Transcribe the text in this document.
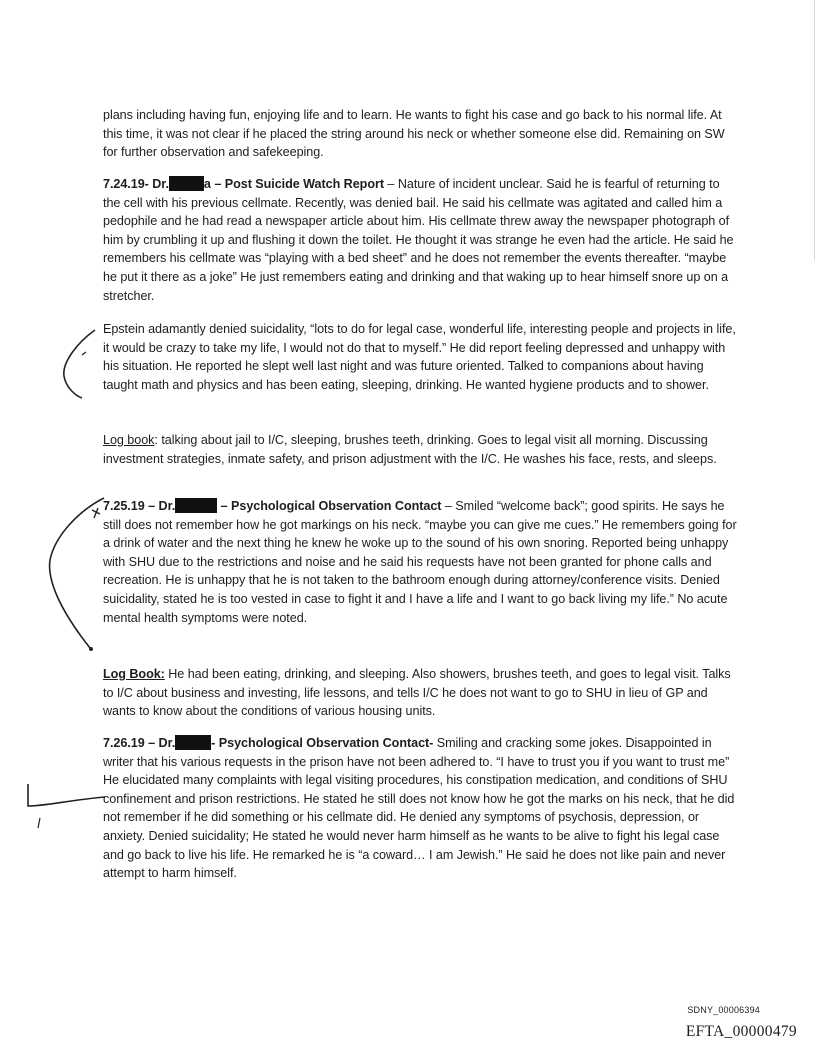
plans including having fun, enjoying life and to learn. He wants to fight his case and go back to his normal life. At this time, it was not clear if he placed the string around his neck or whether someone else did. Remaining on SW for further observation and safekeeping.

7.24.19- Dr.	a – Post Suicide Watch Report – Nature of incident unclear. Said he is fearful of returning to the cell with his previous cellmate. Recently, was denied bail. He said his cellmate was agitated and called him a pedophile and he had read a newspaper article about him. His cellmate threw away the newspaper photograph of him by crumbling it up and flushing it down the toilet. He thought it was strange he even had the article. He said he remembers his cellmate was “playing with a bed sheet” and he does not remember the events thereafter. “maybe he put it there as a joke” He just remembers eating and drinking and that waking up to hear himself snore up on a stretcher.

Epstein adamantly denied suicidality, “lots to do for legal case, wonderful life, interesting people and projects in life, it would be crazy to take my life, I would not do that to myself.” He did report feeling depressed and unhappy with his situation. He reported he slept well last night and was future oriented. Talked to companions about having taught math and physics and has been eating, sleeping, drinking. He wanted hygiene products and to shower.

Log book: talking about jail to I/C, sleeping, brushes teeth, drinking. Goes to legal visit all morning. Discussing investment strategies, inmate safety, and prison adjustment with the I/C. He washes his face, rests, and sleeps.

7.25.19 – Dr.	– Psychological Observation Contact – Smiled “welcome back”; good spirits. He says he still does not remember how he got markings on his neck. “maybe you can give me cues.” He remembers going for a drink of water and the next thing he knew he woke up to the sound of his own snoring. Reported being unhappy with SHU due to the restrictions and noise and he said his requests have not been granted for phone calls and recreation. He is unhappy that he is not taken to the bathroom enough during attorney/conference visits. Denied suicidality, stated he is too vested in case to fight it and I have a life and I want to go back living my life.” No acute mental health symptoms were noted.

Log Book: He had been eating, drinking, and sleeping. Also showers, brushes teeth, and goes to legal visit. Talks to I/C about business and investing, life lessons, and tells I/C he does not want to go to SHU in lieu of GP and wants to know about the conditions of various housing units.

7.26.19 – Dr.	- Psychological Observation Contact- Smiling and cracking some jokes. Disappointed in writer that his various requests in the prison have not been adhered to. “I have to trust you if you want to trust me” He elucidated many complaints with legal visiting procedures, his constipation medication, and conditions of SHU confinement and prison restrictions. He stated he still does not know how he got the marks on his neck, that he did not remember if he did something or his cellmate did. He denied any symptoms of psychosis, depression, or anxiety. Denied suicidality; He stated he would never harm himself as he wants to be alive to fight his legal case and go back to live his life. He remarked he is “a coward… I am Jewish.” He said he does not like pain and never attempt to harm himself.

SDNY_00006394
EFTA_00000479
